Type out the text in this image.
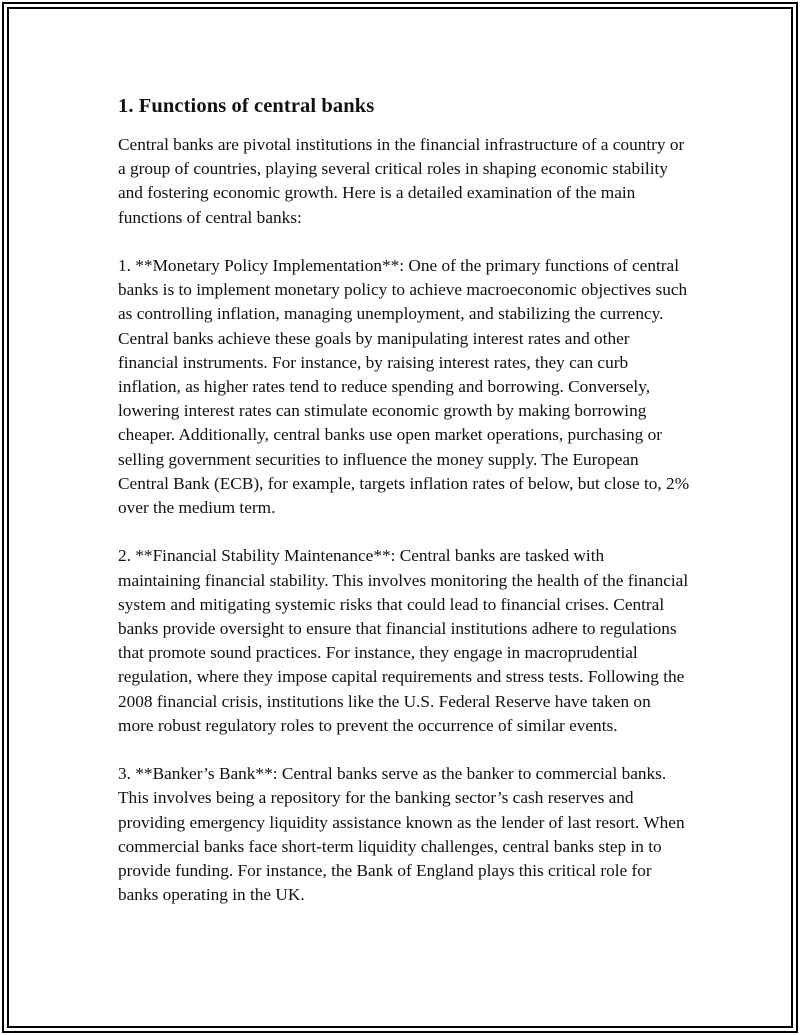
1. Functions of central banks

Central banks are pivotal institutions in the financial infrastructure of a country or a group of countries, playing several critical roles in shaping economic stability and fostering economic growth. Here is a detailed examination of the main functions of central banks:

1. **Monetary Policy Implementation**: One of the primary functions of central banks is to implement monetary policy to achieve macroeconomic objectives such as controlling inflation, managing unemployment, and stabilizing the currency. Central banks achieve these goals by manipulating interest rates and other financial instruments. For instance, by raising interest rates, they can curb inflation, as higher rates tend to reduce spending and borrowing. Conversely, lowering interest rates can stimulate economic growth by making borrowing cheaper. Additionally, central banks use open market operations, purchasing or selling government securities to influence the money supply. The European Central Bank (ECB), for example, targets inflation rates of below, but close to, 2% over the medium term.

2. **Financial Stability Maintenance**: Central banks are tasked with maintaining financial stability. This involves monitoring the health of the financial system and mitigating systemic risks that could lead to financial crises. Central banks provide oversight to ensure that financial institutions adhere to regulations that promote sound practices. For instance, they engage in macroprudential regulation, where they impose capital requirements and stress tests. Following the 2008 financial crisis, institutions like the U.S. Federal Reserve have taken on more robust regulatory roles to prevent the occurrence of similar events.

3. **Banker’s Bank**: Central banks serve as the banker to commercial banks. This involves being a repository for the banking sector’s cash reserves and providing emergency liquidity assistance known as the lender of last resort. When commercial banks face short-term liquidity challenges, central banks step in to provide funding. For instance, the Bank of England plays this critical role for banks operating in the UK.
